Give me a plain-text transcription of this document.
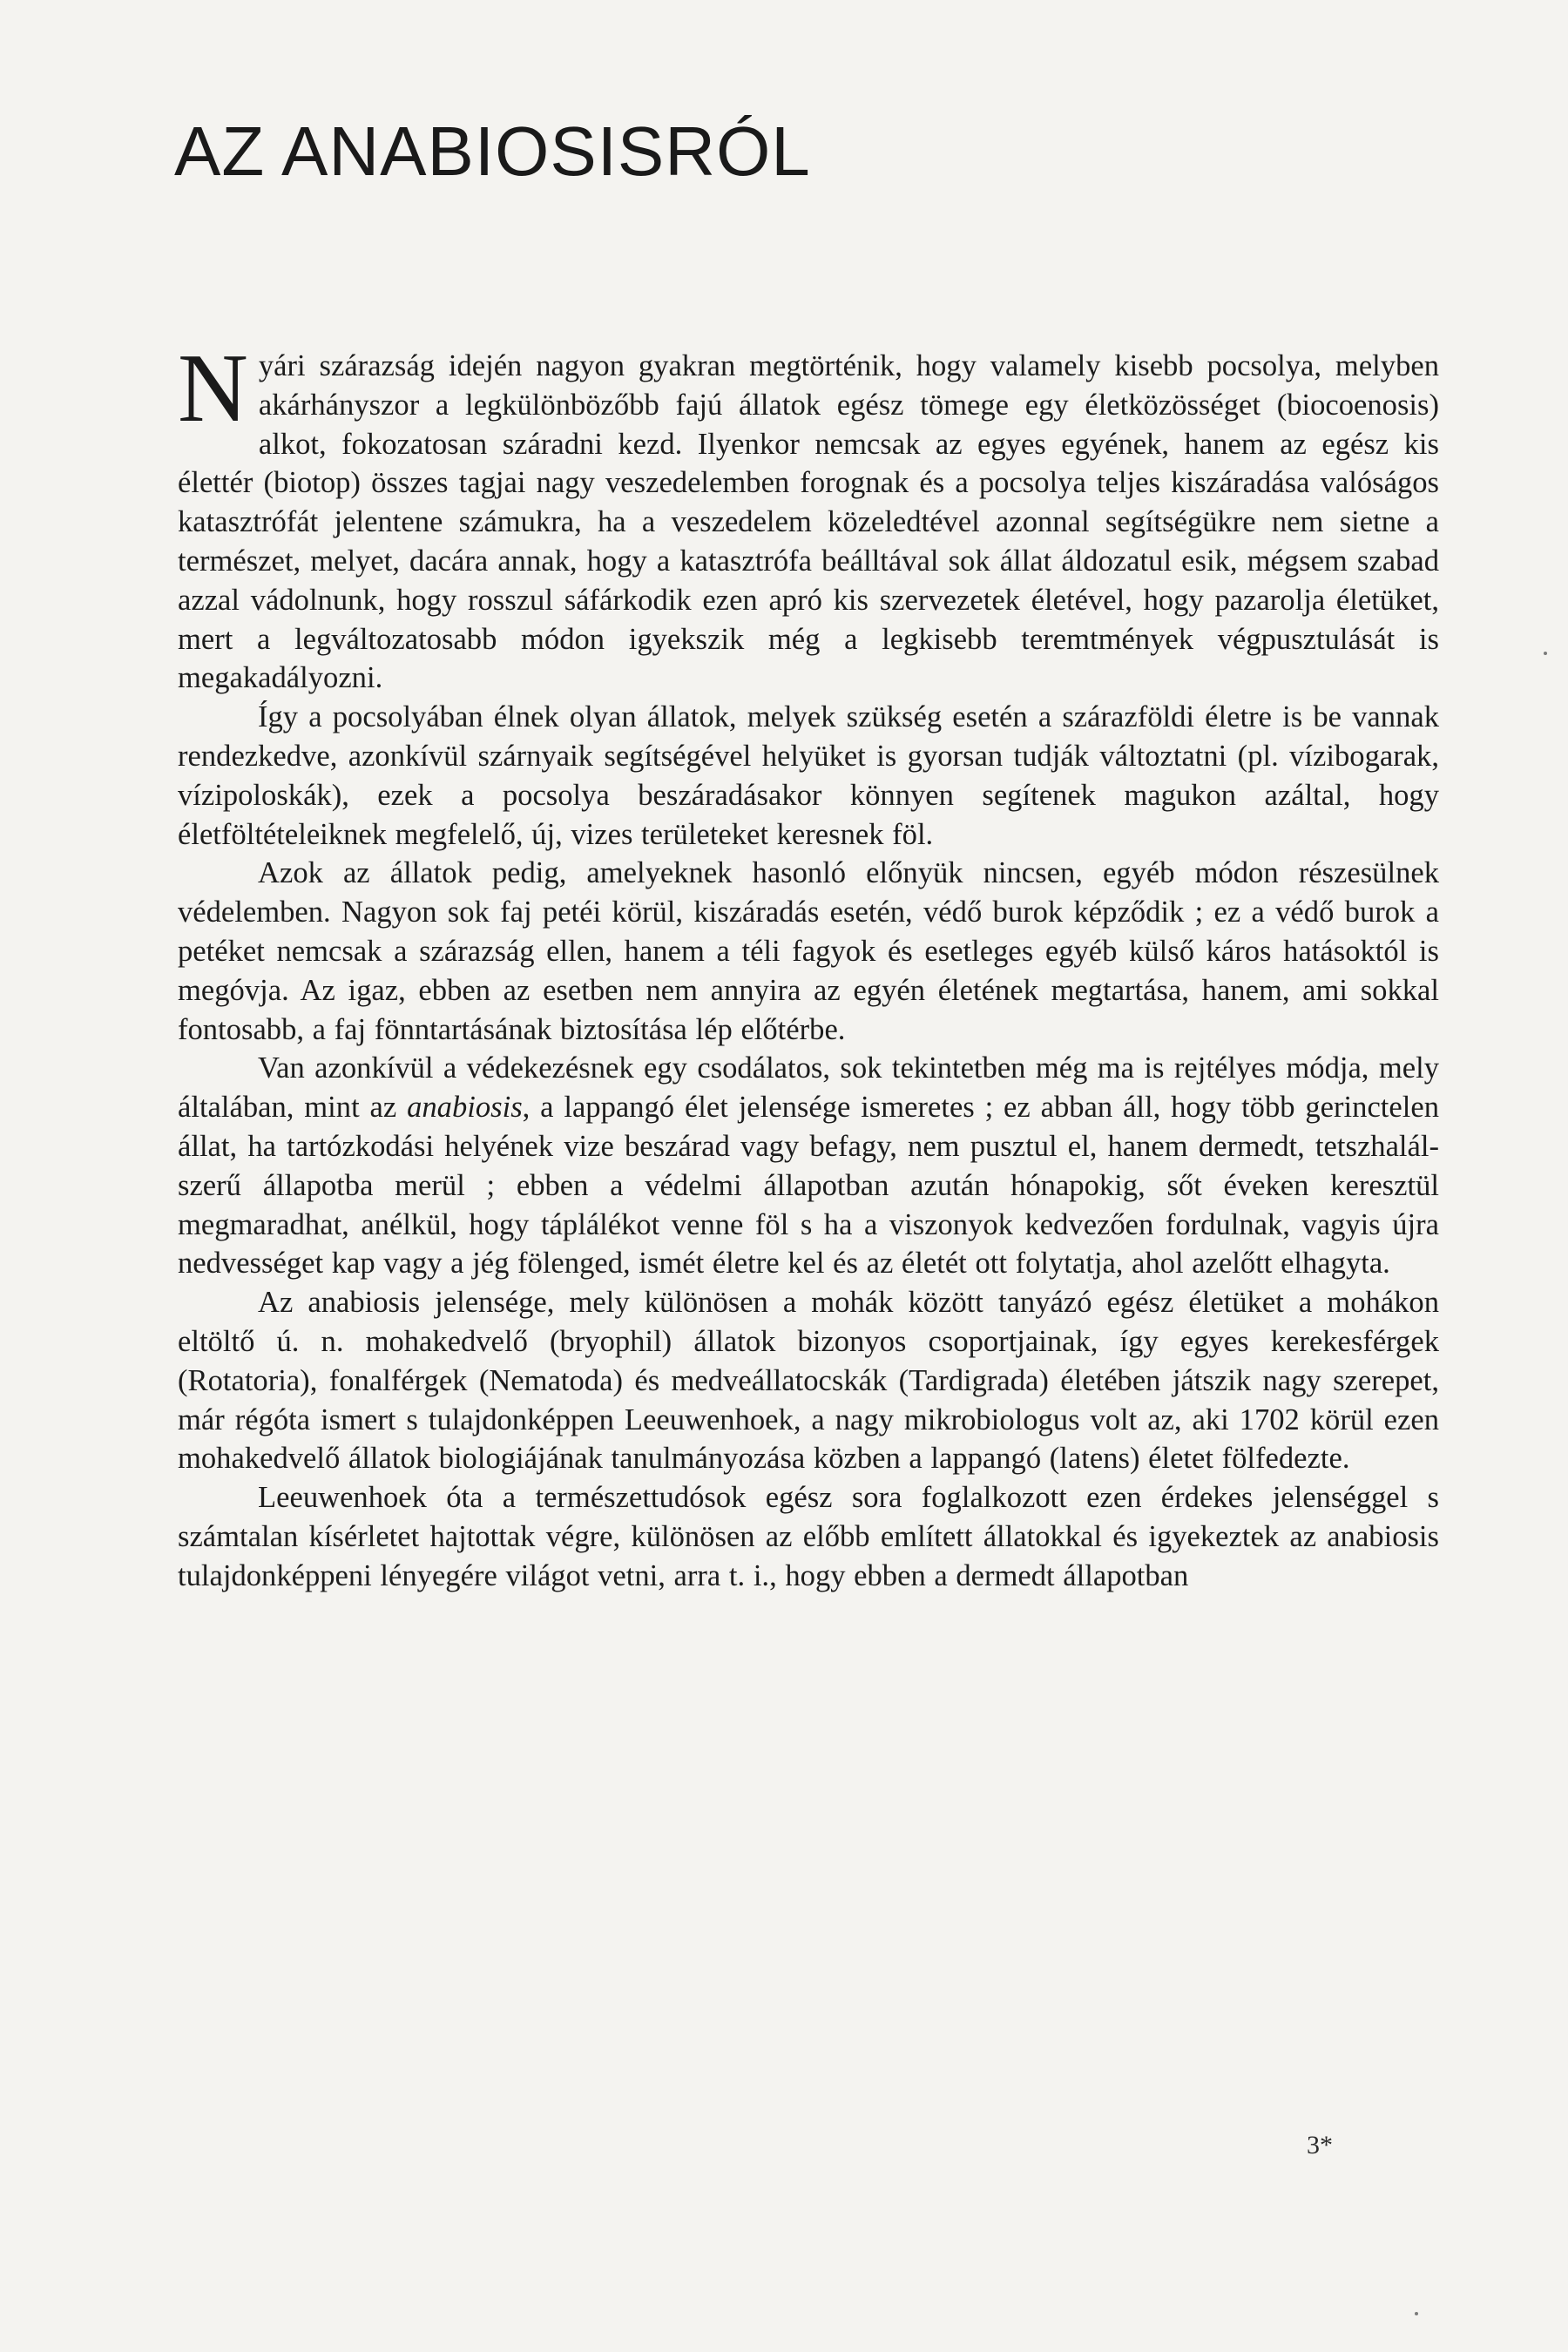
AZ ANABIOSISRÓL

Nyári szárazság idején nagyon gyakran megtörténik, hogy valamely kisebb pocsolya, melyben akárhányszor a legkülönbözőbb fajú állatok egész tömege egy életközösséget (biocoenosis) alkot, fokozatosan száradni kezd. Ilyenkor nemcsak az egyes egyének, hanem az egész kis élettér (biotop) összes tagjai nagy veszedelemben forognak és a pocsolya teljes kiszáradása valóságos katasztrófát jelentene számukra, ha a veszedelem közeledtével azonnal segítségükre nem sietne a természet, melyet, dacára annak, hogy a katasztrófa beálltával sok állat áldozatul esik, mégsem szabad azzal vádolnunk, hogy rosszul sáfárkodik ezen apró kis szervezetek életével, hogy pazarolja életüket, mert a legváltozatosabb módon igyekszik még a legkisebb teremtmények végpusztulását is megakadályozni.

Így a pocsolyában élnek olyan állatok, melyek szükség esetén a szárazföldi életre is be vannak rendezkedve, azonkívül szárnyaik segítségével helyüket is gyorsan tudják változtatni (pl. vízibogarak, vízipoloskák), ezek a pocsolya beszáradásakor könnyen segítenek magukon azáltal, hogy életföltételeiknek megfelelő, új, vizes területeket keresnek föl.

Azok az állatok pedig, amelyeknek hasonló előnyük nincsen, egyéb módon részesülnek védelemben. Nagyon sok faj petéi körül, kiszáradás esetén, védő burok képződik ; ez a védő burok a petéket nemcsak a szárazság ellen, hanem a téli fagyok és esetleges egyéb külső káros hatásoktól is megóvja. Az igaz, ebben az esetben nem annyira az egyén életének megtartása, hanem, ami sokkal fontosabb, a faj fönntartásának biztosítása lép előtérbe.

Van azonkívül a védekezésnek egy csodálatos, sok tekintetben még ma is rejtélyes módja, mely általában, mint az anabiosis, a lappangó élet jelensége ismeretes ; ez abban áll, hogy több gerinctelen állat, ha tartózkodási helyének vize beszárad vagy befagy, nem pusztul el, hanem dermedt, tetszhalál-szerű állapotba merül ; ebben a védelmi állapotban azután hónapokig, sőt éveken keresztül megmaradhat, anélkül, hogy táplálékot venne föl s ha a viszonyok kedvezően fordulnak, vagyis újra nedvességet kap vagy a jég fölenged, ismét életre kel és az életét ott folytatja, ahol azelőtt elhagyta.

Az anabiosis jelensége, mely különösen a mohák között tanyázó egész életüket a mohákon eltöltő ú. n. mohakedvelő (bryophil) állatok bizonyos csoportjainak, így egyes kerekesférgek (Rotatoria), fonalférgek (Nematoda) és medveállatocskák (Tardigrada) életében játszik nagy szerepet, már régóta ismert s tulajdonképpen Leeuwenhoek, a nagy mikrobiologus volt az, aki 1702 körül ezen mohakedvelő állatok biologiájának tanulmányozása közben a lappangó (latens) életet fölfedezte.

Leeuwenhoek óta a természettudósok egész sora foglalkozott ezen érdekes jelenséggel s számtalan kísérletet hajtottak végre, különösen az előbb említett állatokkal és igyekeztek az anabiosis tulajdonképpeni lényegére világot vetni, arra t. i., hogy ebben a dermedt állapotban

3*
